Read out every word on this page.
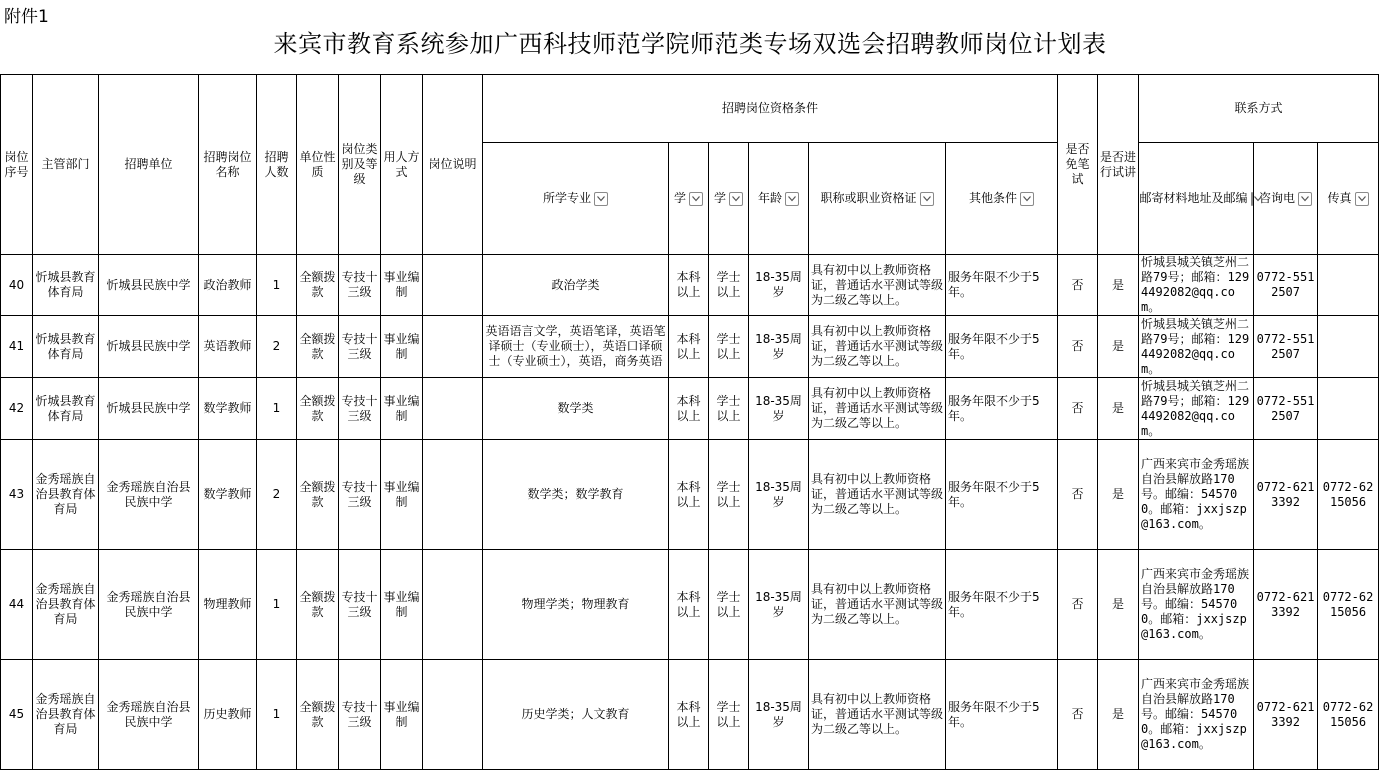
附件1
来宾市教育系统参加广西科技师范学院师范类专场双选会招聘教师岗位计划表
岗位序号	主管部门	招聘单位	招聘岗位名称	招聘人数	单位性质	岗位类别及等级	用人方式	岗位说明	招聘岗位资格条件						是否免笔试	是否进行试讲	联系方式		

									所学专业	学	学	年龄	职称或职业资格证	其他条件			邮寄材料地址及邮编	咨询电	传真

40	忻城县教育体育局	忻城县民族中学	政治教师	1	全额拨款	专技十三级	事业编制		政治学类	本科以上	学士以上	18-35周岁	具有初中以上教师资格证，普通话水平测试等级为二级乙等以上。	服务年限不少于5年。	否	是	忻城县城关镇芝州二路79号；邮箱：1294492082@qq.com。	0772-5512507	
41	忻城县教育体育局	忻城县民族中学	英语教师	2	全额拨款	专技十三级	事业编制		英语语言文学，英语笔译，英语笔译硕士（专业硕士），英语口译硕士（专业硕士），英语，商务英语	本科以上	学士以上	18-35周岁	具有初中以上教师资格证，普通话水平测试等级为二级乙等以上。	服务年限不少于5年。	否	是	忻城县城关镇芝州二路79号；邮箱：1294492082@qq.com。	0772-5512507	
42	忻城县教育体育局	忻城县民族中学	数学教师	1	全额拨款	专技十三级	事业编制		数学类	本科以上	学士以上	18-35周岁	具有初中以上教师资格证，普通话水平测试等级为二级乙等以上。	服务年限不少于5年。	否	是	忻城县城关镇芝州二路79号；邮箱：1294492082@qq.com。	0772-5512507	
43	金秀瑶族自治县教育体育局	金秀瑶族自治县民族中学	数学教师	2	全额拨款	专技十三级	事业编制		数学类；数学教育	本科以上	学士以上	18-35周岁	具有初中以上教师资格证，普通话水平测试等级为二级乙等以上。	服务年限不少于5年。	否	是	广西来宾市金秀瑶族自治县解放路170号。邮编：545700。邮箱：jxxjszp@163.com。	0772-6213392	0772-6215056
44	金秀瑶族自治县教育体育局	金秀瑶族自治县民族中学	物理教师	1	全额拨款	专技十三级	事业编制		物理学类；物理教育	本科以上	学士以上	18-35周岁	具有初中以上教师资格证，普通话水平测试等级为二级乙等以上。	服务年限不少于5年。	否	是	广西来宾市金秀瑶族自治县解放路170号。邮编：545700。邮箱：jxxjszp@163.com。	0772-6213392	0772-6215056
45	金秀瑶族自治县教育体育局	金秀瑶族自治县民族中学	历史教师	1	全额拨款	专技十三级	事业编制		历史学类；人文教育	本科以上	学士以上	18-35周岁	具有初中以上教师资格证，普通话水平测试等级为二级乙等以上。	服务年限不少于5年。	否	是	广西来宾市金秀瑶族自治县解放路170号。邮编：545700。邮箱：jxxjszp@163.com。	0772-6213392	0772-6215056
